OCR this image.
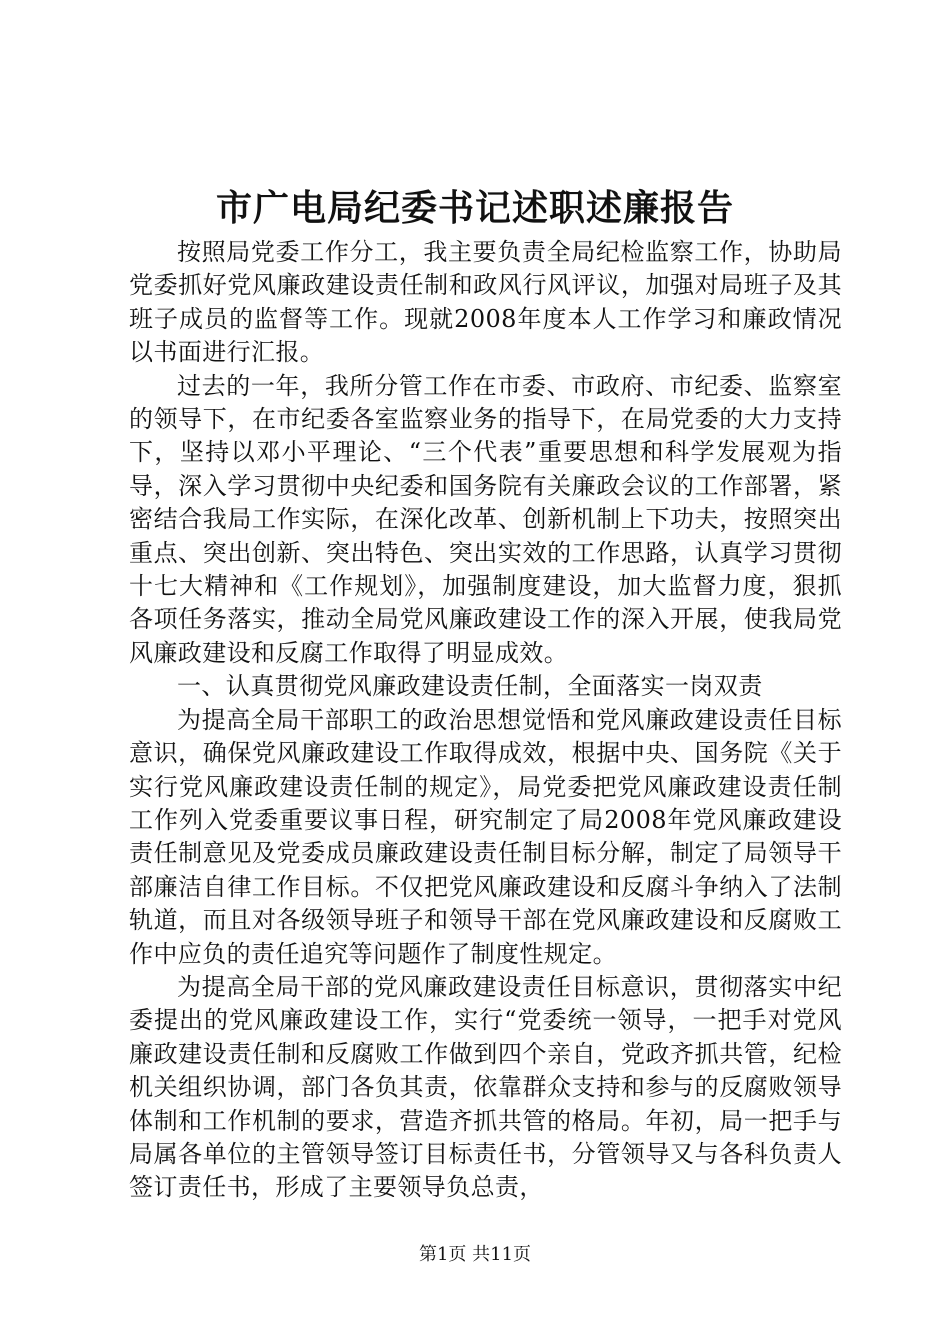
市广电局纪委书记述职述廉报告

按照局党委工作分工，我主要负责全局纪检监察工作，协助局党委抓好党风廉政建设责任制和政风行风评议，加强对局班子及其班子成员的监督等工作。现就2008年度本人工作学习和廉政情况以书面进行汇报。

过去的一年，我所分管工作在市委、市政府、市纪委、监察室的领导下，在市纪委各室监察业务的指导下，在局党委的大力支持下，坚持以邓小平理论、“三个代表”重要思想和科学发展观为指导，深入学习贯彻中央纪委和国务院有关廉政会议的工作部署，紧密结合我局工作实际，在深化改革、创新机制上下功夫，按照突出重点、突出创新、突出特色、突出实效的工作思路，认真学习贯彻十七大精神和《工作规划》，加强制度建设，加大监督力度，狠抓各项任务落实，推动全局党风廉政建设工作的深入开展，使我局党风廉政建设和反腐工作取得了明显成效。

一、认真贯彻党风廉政建设责任制，全面落实一岗双责

为提高全局干部职工的政治思想觉悟和党风廉政建设责任目标意识，确保党风廉政建设工作取得成效，根据中央、国务院《关于实行党风廉政建设责任制的规定》，局党委把党风廉政建设责任制工作列入党委重要议事日程，研究制定了局2008年党风廉政建设责任制意见及党委成员廉政建设责任制目标分解，制定了局领导干部廉洁自律工作目标。不仅把党风廉政建设和反腐斗争纳入了法制轨道，而且对各级领导班子和领导干部在党风廉政建设和反腐败工作中应负的责任追究等问题作了制度性规定。

为提高全局干部的党风廉政建设责任目标意识，贯彻落实中纪委提出的党风廉政建设工作，实行“党委统一领导，一把手对党风廉政建设责任制和反腐败工作做到四个亲自，党政齐抓共管，纪检机关组织协调，部门各负其责，依靠群众支持和参与的反腐败领导体制和工作机制的要求，营造齐抓共管的格局。年初，局一把手与局属各单位的主管领导签订目标责任书，分管领导又与各科负责人签订责任书，形成了主要领导负总责，

第1页 共11页
